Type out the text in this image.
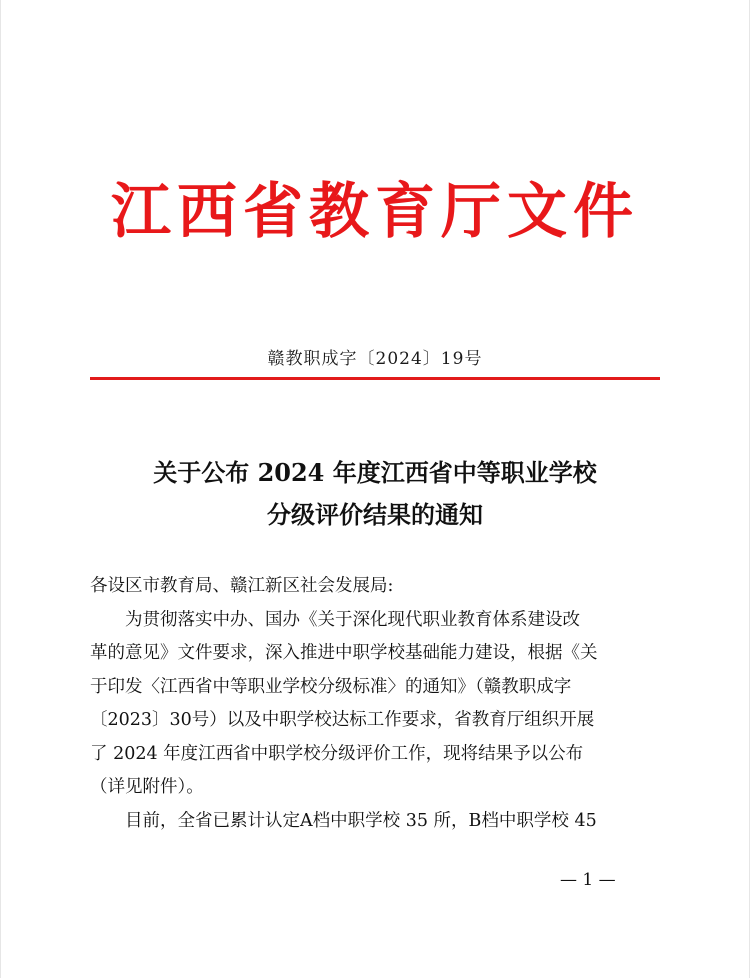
江西省教育厅文件
赣教职成字〔2024〕19号
关于公布 2024 年度江西省中等职业学校
分级评价结果的通知

各设区市教育局、赣江新区社会发展局:

为贯彻落实中办、国办《关于深化现代职业教育体系建设改

革的意见》文件要求，深入推进中职学校基础能力建设，根据《关

于印发〈江西省中等职业学校分级标准〉的通知》（赣教职成字

〔2023〕30号）以及中职学校达标工作要求，省教育厅组织开展

了 2024 年度江西省中职学校分级评价工作，现将结果予以公布

（详见附件）。

目前，全省已累计认定A档中职学校 35 所，B档中职学校 45

— 1 —
